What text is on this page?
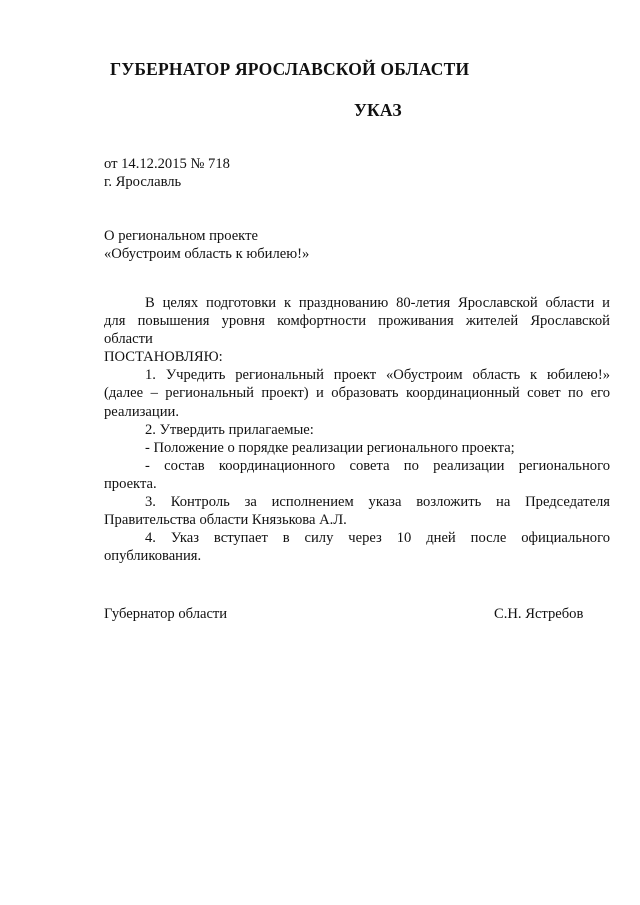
ГУБЕРНАТОР ЯРОСЛАВСКОЙ ОБЛАСТИ
УКАЗ
от 14.12.2015 № 718
г. Ярославль
О региональном проекте
«Обустроим область к юбилею!»
В целях подготовки к празднованию 80-летия Ярославской области и
для повышения уровня комфортности проживания жителей Ярославской
области
ПОСТАНОВЛЯЮ:
1. Учредить региональный проект «Обустроим область к юбилею!»
(далее – региональный проект) и образовать координационный совет по его
реализации.
2. Утвердить прилагаемые:
- Положение о порядке реализации регионального проекта;
- состав координационного совета по реализации регионального
проекта.
3. Контроль за исполнением указа возложить на Председателя
Правительства области Князькова А.Л.
4. Указ вступает в силу через 10 дней после официального
опубликования.
Губернатор области	С.Н. Ястребов
